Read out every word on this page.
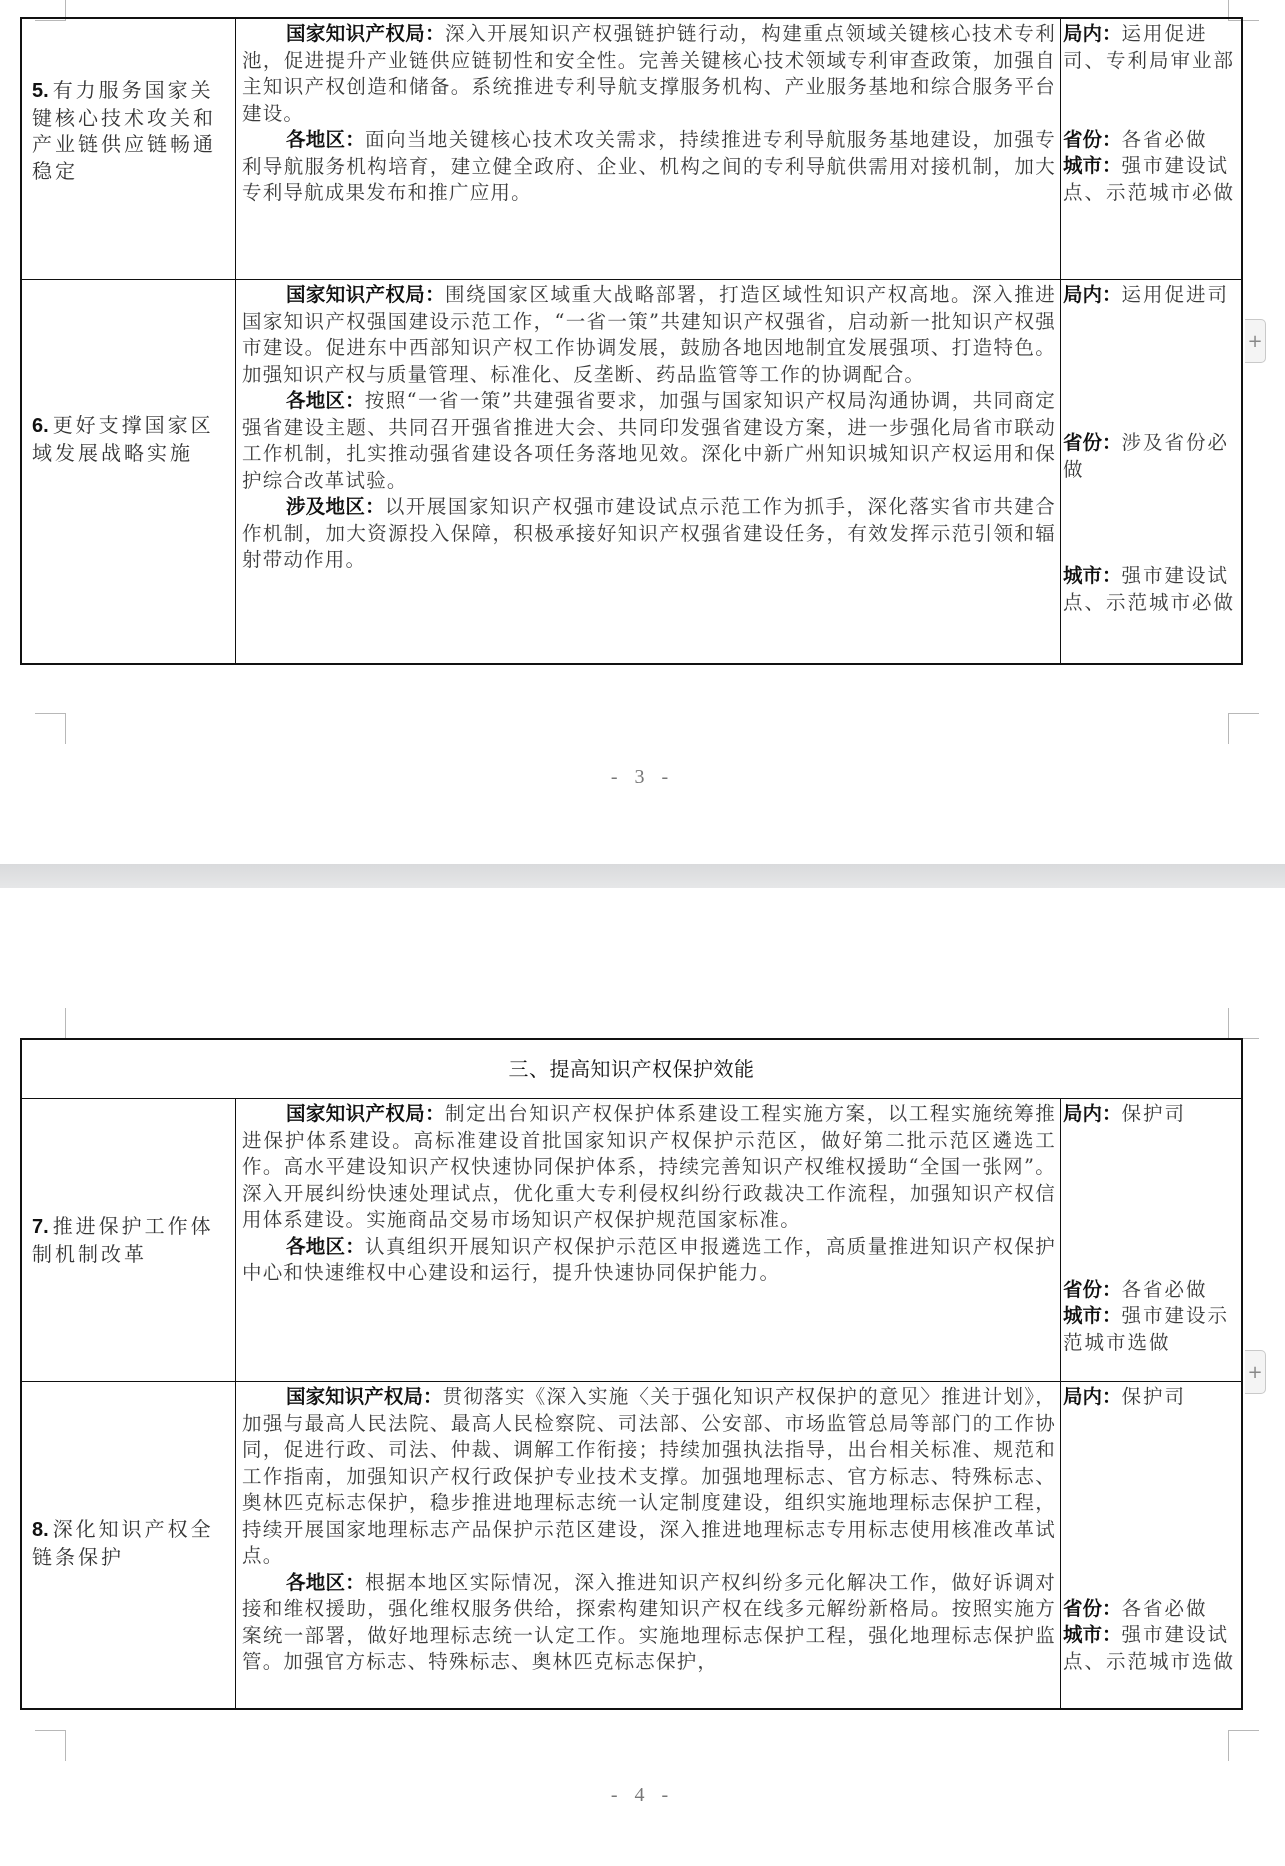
5. 有力服务国家关键核心技术攻关和产业链供应链畅通稳定
国家知识产权局：深入开展知识产权强链护链行动，构建重点领域关键核心技术专利池，促进提升产业链供应链韧性和安全性。完善关键核心技术领域专利审查政策，加强自主知识产权创造和储备。系统推进专利导航支撑服务机构、产业服务基地和综合服务平台建设。
各地区：面向当地关键核心技术攻关需求，持续推进专利导航服务基地建设，加强专利导航服务机构培育，建立健全政府、企业、机构之间的专利导航供需用对接机制，加大专利导航成果发布和推广应用。
局内：运用促进司、专利局审业部
省份：各省必做
城市：强市建设试点、示范城市必做
6. 更好支撑国家区域发展战略实施
国家知识产权局：围绕国家区域重大战略部署，打造区域性知识产权高地。深入推进国家知识产权强国建设示范工作，“一省一策”共建知识产权强省，启动新一批知识产权强市建设。促进东中西部知识产权工作协调发展，鼓励各地因地制宜发展强项、打造特色。加强知识产权与质量管理、标准化、反垄断、药品监管等工作的协调配合。
各地区：按照“一省一策”共建强省要求，加强与国家知识产权局沟通协调，共同商定强省建设主题、共同召开强省推进大会、共同印发强省建设方案，进一步强化局省市联动工作机制，扎实推动强省建设各项任务落地见效。深化中新广州知识城知识产权运用和保护综合改革试验。
涉及地区：以开展国家知识产权强市建设试点示范工作为抓手，深化落实省市共建合作机制，加大资源投入保障，积极承接好知识产权强省建设任务，有效发挥示范引领和辐射带动作用。
局内：运用促进司
省份：涉及省份必做
城市：强市建设试点、示范城市必做
+
- 3 -
三、提高知识产权保护效能
7. 推进保护工作体制机制改革
国家知识产权局：制定出台知识产权保护体系建设工程实施方案，以工程实施统筹推进保护体系建设。高标准建设首批国家知识产权保护示范区，做好第二批示范区遴选工作。高水平建设知识产权快速协同保护体系，持续完善知识产权维权援助“全国一张网”。深入开展纠纷快速处理试点，优化重大专利侵权纠纷行政裁决工作流程，加强知识产权信用体系建设。实施商品交易市场知识产权保护规范国家标准。
各地区：认真组织开展知识产权保护示范区申报遴选工作，高质量推进知识产权保护中心和快速维权中心建设和运行，提升快速协同保护能力。
局内：保护司
省份：各省必做
城市：强市建设示范城市选做
8. 深化知识产权全链条保护
国家知识产权局：贯彻落实《深入实施〈关于强化知识产权保护的意见〉推进计划》，加强与最高人民法院、最高人民检察院、司法部、公安部、市场监管总局等部门的工作协同，促进行政、司法、仲裁、调解工作衔接；持续加强执法指导，出台相关标准、规范和工作指南，加强知识产权行政保护专业技术支撑。加强地理标志、官方标志、特殊标志、奥林匹克标志保护，稳步推进地理标志统一认定制度建设，组织实施地理标志保护工程，持续开展国家地理标志产品保护示范区建设，深入推进地理标志专用标志使用核准改革试点。
各地区：根据本地区实际情况，深入推进知识产权纠纷多元化解决工作，做好诉调对接和维权援助，强化维权服务供给，探索构建知识产权在线多元解纷新格局。按照实施方案统一部署，做好地理标志统一认定工作。实施地理标志保护工程，强化地理标志保护监管。加强官方标志、特殊标志、奥林匹克标志保护，
局内：保护司
省份：各省必做
城市：强市建设试点、示范城市选做
+
- 4 -
